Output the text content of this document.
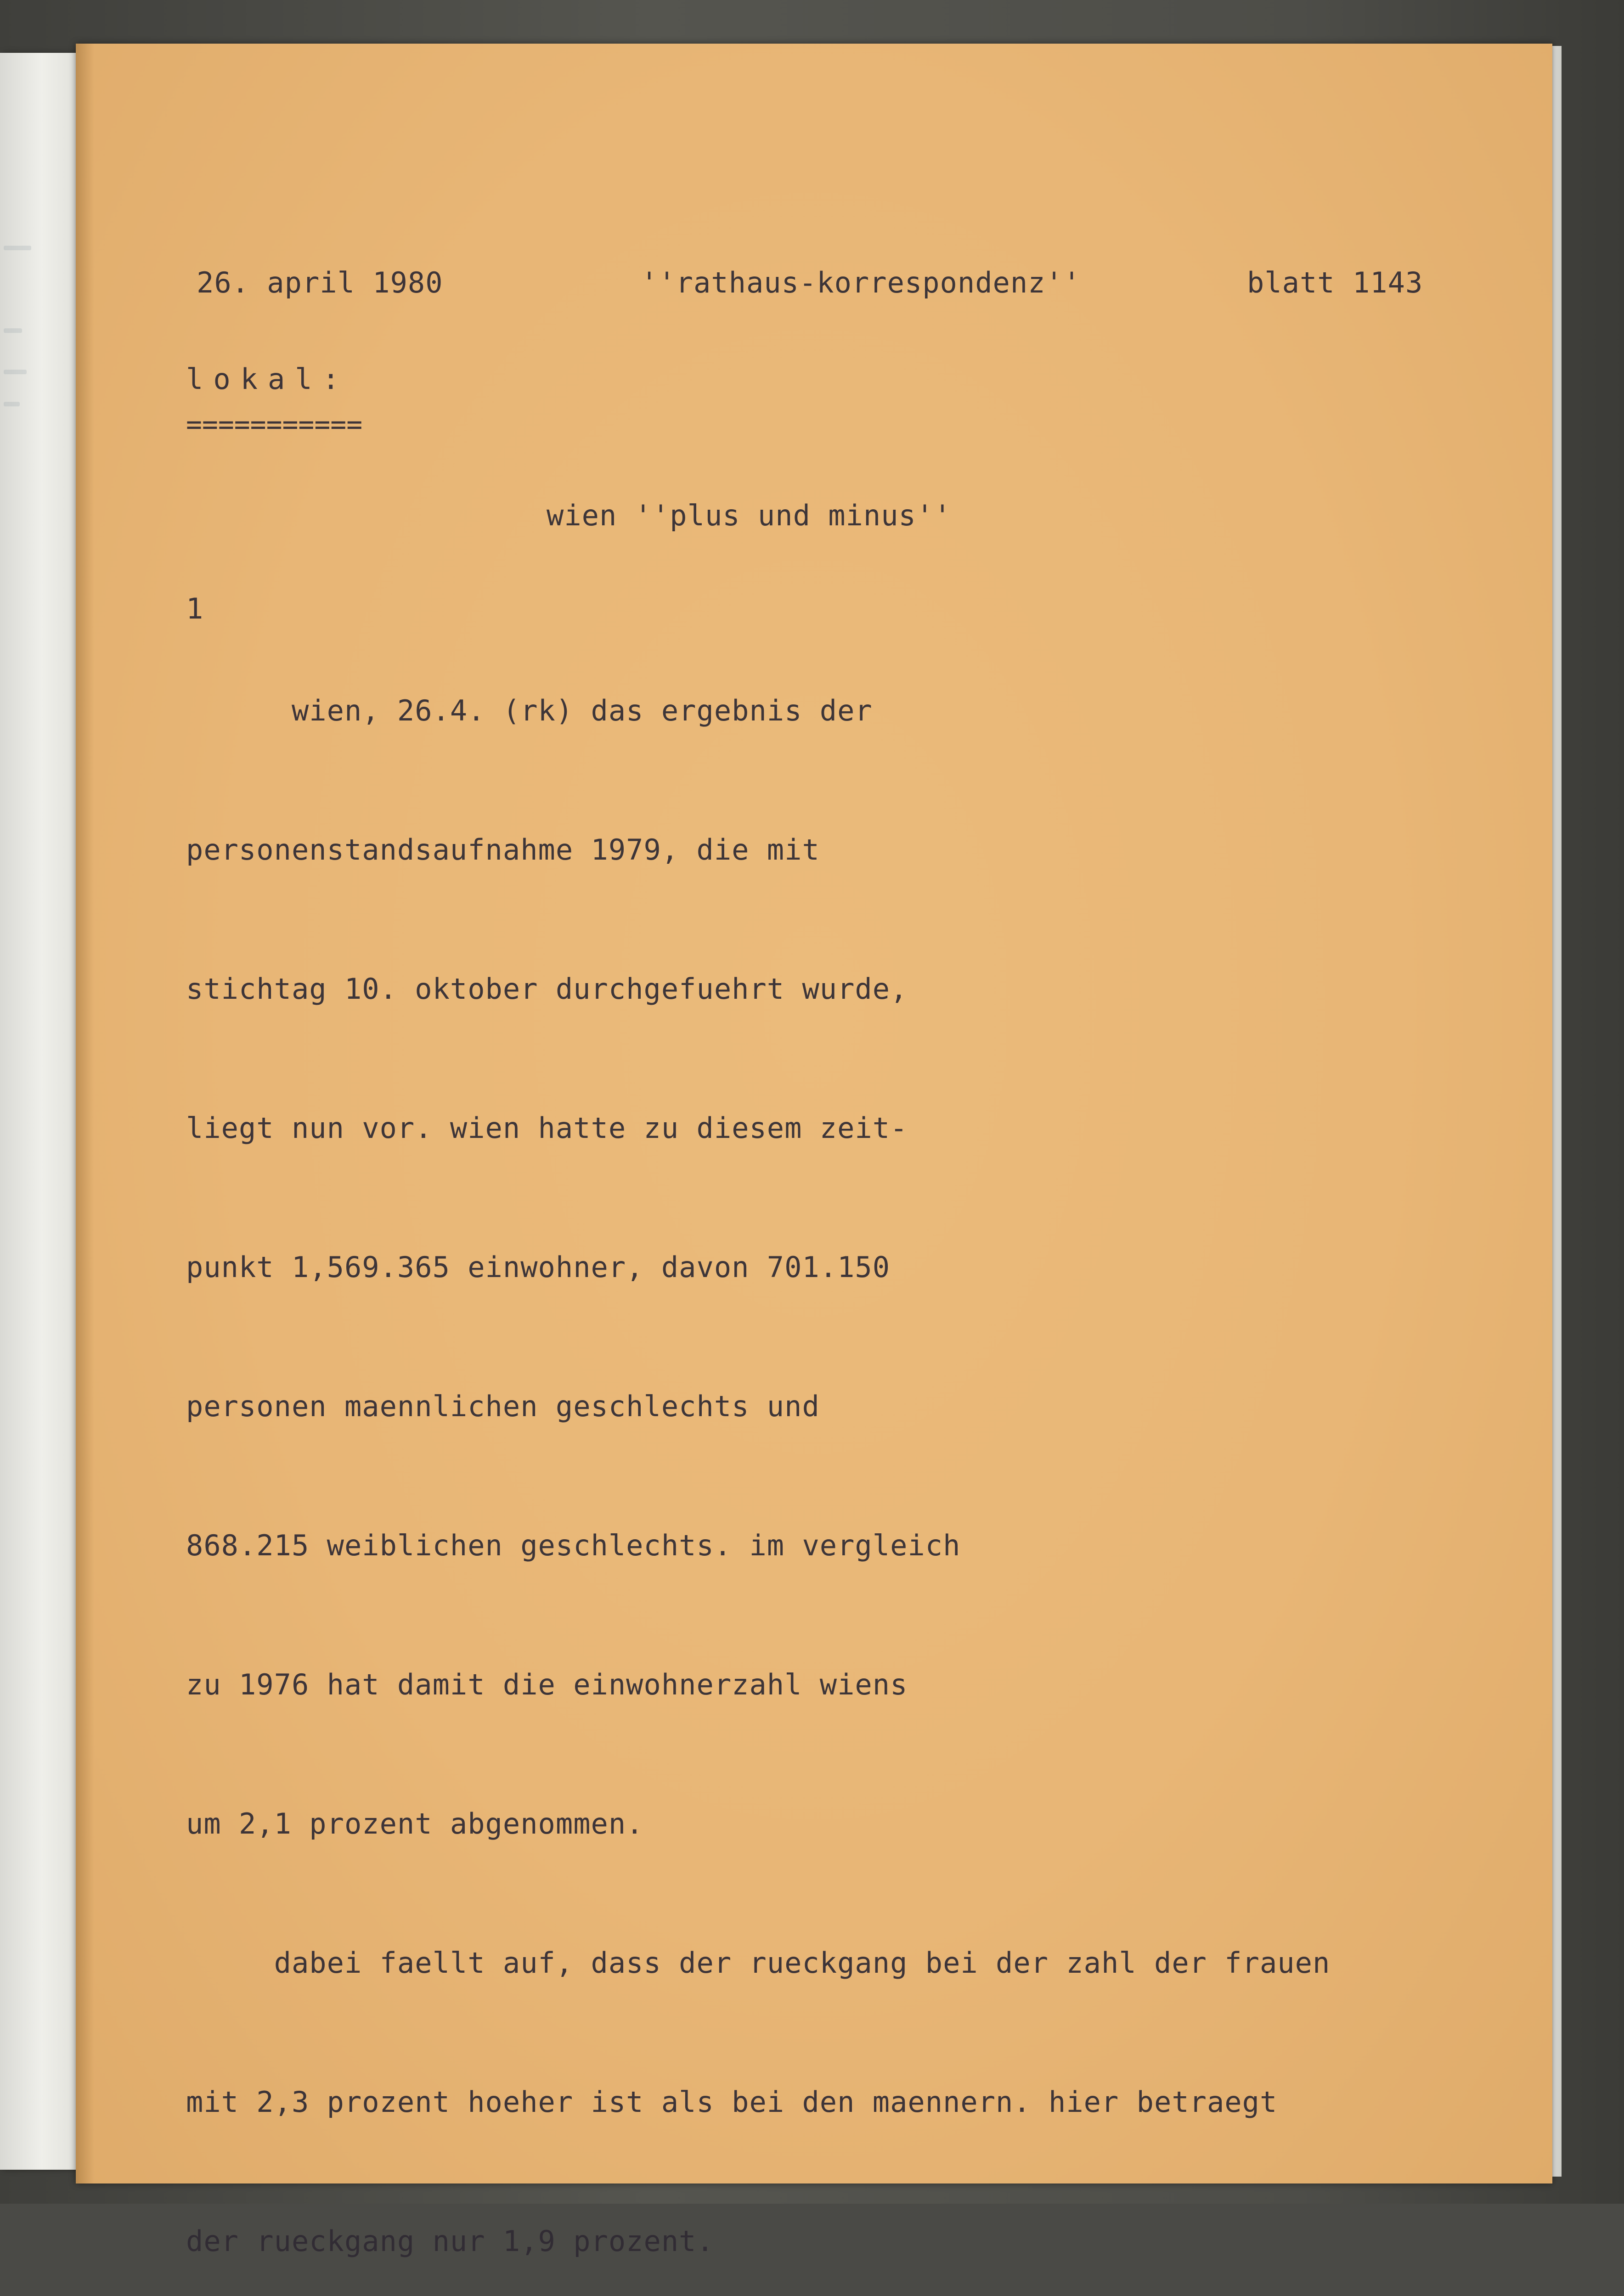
26. april 1980	''rathaus-korrespondenz''	blatt 1143
lokal:
===========
wien ''plus und minus''
1

wien, 26.4. (rk) das ergebnis der

personenstandsaufnahme 1979, die mit

stichtag 10. oktober durchgefuehrt wurde,

liegt nun vor. wien hatte zu diesem zeit-

punkt 1,569.365 einwohner, davon 701.150

personen maennlichen geschlechts und

868.215 weiblichen geschlechts. im vergleich

zu 1976 hat damit die einwohnerzahl wiens

um 2,1 prozent abgenommen.

dabei faellt auf, dass der rueckgang bei der zahl der frauen

mit 2,3 prozent hoeher ist als bei den maennern. hier betraegt

der rueckgang nur 1,9 prozent.
